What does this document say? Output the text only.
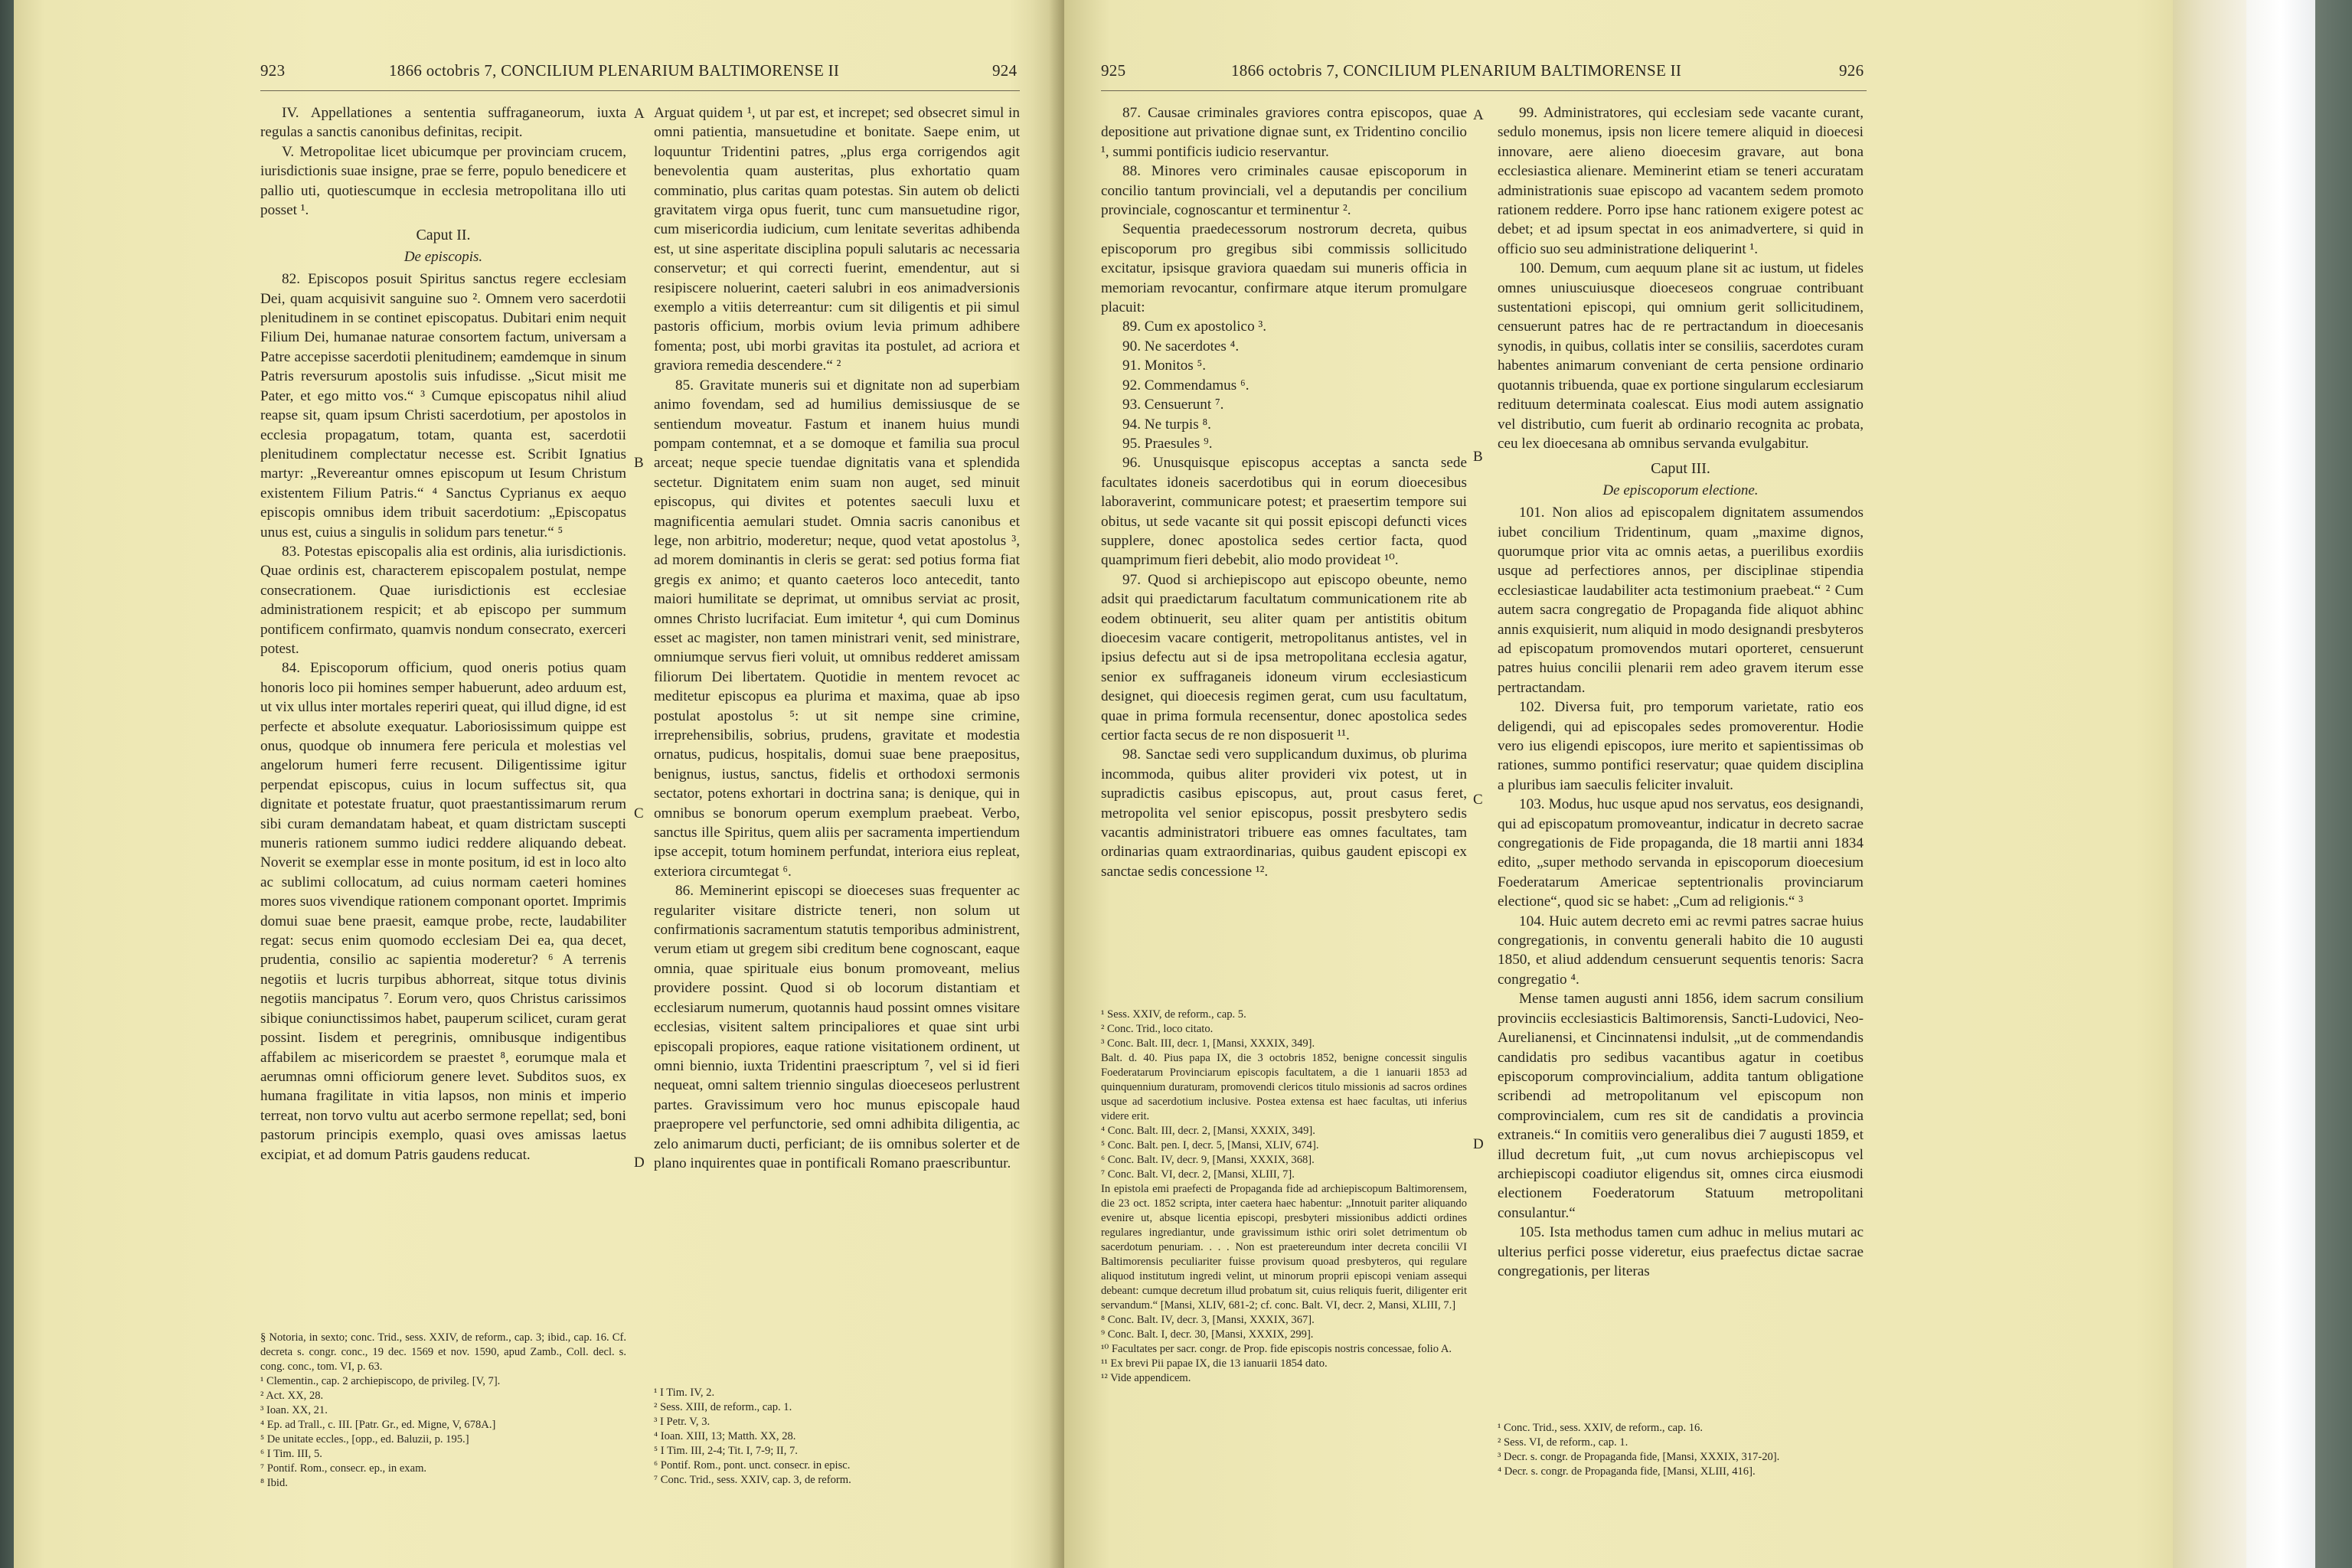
923	1866 octobris 7, CONCILIUM PLENARIUM BALTIMORENSE II	924

IV. Appellationes a sententia suffraganeorum, iuxta regulas a sanctis canonibus definitas, recipit.

V. Metropolitae licet ubicumque per provinciam crucem, iurisdictionis suae insigne, prae se ferre, populo benedicere et pallio uti, quotiescumque in ecclesia metropolitana illo uti posset ¹.

Caput II.
De episcopis.

82. Episcopos posuit Spiritus sanctus regere ecclesiam Dei, quam acquisivit sanguine suo ². Omnem vero sacerdotii plenitudinem in se continet episcopatus. Dubitari enim nequit Filium Dei, humanae naturae consortem factum, universam a Patre accepisse sacerdotii plenitudinem; eamdemque in sinum Patris reversurum apostolis suis infudisse. „Sicut misit me Pater, et ego mitto vos.“ ³ Cumque episcopatus nihil aliud reapse sit, quam ipsum Christi sacerdotium, per apostolos in ecclesia propagatum, totam, quanta est, sacerdotii plenitudinem complectatur necesse est. Scribit Ignatius martyr: „Revereantur omnes episcopum ut Iesum Christum existentem Filium Patris.“ ⁴ Sanctus Cyprianus ex aequo episcopis omnibus idem tribuit sacerdotium: „Episcopatus unus est, cuius a singulis in solidum pars tenetur.“ ⁵

83. Potestas episcopalis alia est ordinis, alia iurisdictionis. Quae ordinis est, characterem episcopalem postulat, nempe consecrationem. Quae iurisdictionis est ecclesiae administrationem respicit; et ab episcopo per summum pontificem confirmato, quamvis nondum consecrato, exerceri potest.

84. Episcoporum officium, quod oneris potius quam honoris loco pii homines semper habuerunt, adeo arduum est, ut vix ullus inter mortales reperiri queat, qui illud digne, id est perfecte et absolute exequatur. Laboriosissimum quippe est onus, quodque ob innumera fere pericula et molestias vel angelorum humeri ferre recusent. Diligentissime igitur perpendat episcopus, cuius in locum suffectus sit, qua dignitate et potestate fruatur, quot praestantissimarum rerum sibi curam demandatam habeat, et quam districtam suscepti muneris rationem summo iudici reddere aliquando debeat. Noverit se exemplar esse in monte positum, id est in loco alto ac sublimi collocatum, ad cuius normam caeteri homines mores suos vivendique rationem componant oportet. Imprimis domui suae bene praesit, eamque probe, recte, laudabiliter regat: secus enim quomodo ecclesiam Dei ea, qua decet, prudentia, consilio ac sapientia moderetur? ⁶ A terrenis negotiis et lucris turpibus abhorreat, sitque totus divinis negotiis mancipatus ⁷. Eorum vero, quos Christus carissimos sibique coniunctissimos habet, pauperum scilicet, curam gerat possint. Iisdem et peregrinis, omnibusque indigentibus affabilem ac misericordem se praestet ⁸, eorumque mala et aerumnas omni officiorum genere levet. Subditos suos, ex humana fragilitate in vitia lapsos, non minis et imperio terreat, non torvo vultu aut acerbo sermone repellat; sed, boni pastorum principis exemplo, quasi oves amissas laetus excipiat, et ad domum Patris gaudens reducat.

§ Notoria, in sexto; conc. Trid., sess. XXIV, de reform., cap. 3; ibid., cap. 16. Cf. decreta s. congr. conc., 19 dec. 1569 et nov. 1590, apud Zamb., Coll. decl. s. cong. conc., tom. VI, p. 63.

¹ Clementin., cap. 2 archiepiscopo, de privileg. [V, 7].

² Act. XX, 28.

³ Ioan. XX, 21.

⁴ Ep. ad Trall., c. III. [Patr. Gr., ed. Migne, V, 678A.]

⁵ De unitate eccles., [opp., ed. Baluzii, p. 195.]

⁶ I Tim. III, 5.

⁷ Pontif. Rom., consecr. ep., in exam.

⁸ Ibid.

A
B
C
D

Arguat quidem ¹, ut par est, et increpet; sed obsecret simul in omni patientia, mansuetudine et bonitate. Saepe enim, ut loquuntur Tridentini patres, „plus erga corrigendos agit benevolentia quam austeritas, plus exhortatio quam comminatio, plus caritas quam potestas. Sin autem ob delicti gravitatem virga opus fuerit, tunc cum mansuetudine rigor, cum misericordia iudicium, cum lenitate severitas adhibenda est, ut sine asperitate disciplina populi salutaris ac necessaria conservetur; et qui correcti fuerint, emendentur, aut si resipiscere noluerint, caeteri salubri in eos animadversionis exemplo a vitiis deterreantur: cum sit diligentis et pii simul pastoris officium, morbis ovium levia primum adhibere fomenta; post, ubi morbi gravitas ita postulet, ad acriora et graviora remedia descendere.“ ²

85. Gravitate muneris sui et dignitate non ad superbiam animo fovendam, sed ad humilius demissiusque de se sentiendum moveatur. Fastum et inanem huius mundi pompam contemnat, et a se domoque et familia sua procul arceat; neque specie tuendae dignitatis vana et splendida sectetur. Dignitatem enim suam non auget, sed minuit episcopus, qui divites et potentes saeculi luxu et magnificentia aemulari studet. Omnia sacris canonibus et lege, non arbitrio, moderetur; neque, quod vetat apostolus ³, ad morem dominantis in cleris se gerat: sed potius forma fiat gregis ex animo; et quanto caeteros loco antecedit, tanto maiori humilitate se deprimat, ut omnibus serviat ac prosit, omnes Christo lucrifaciat. Eum imitetur ⁴, qui cum Dominus esset ac magister, non tamen ministrari venit, sed ministrare, omniumque servus fieri voluit, ut omnibus redderet amissam filiorum Dei libertatem. Quotidie in mentem revocet ac meditetur episcopus ea plurima et maxima, quae ab ipso postulat apostolus ⁵: ut sit nempe sine crimine, irreprehensibilis, sobrius, prudens, gravitate et modestia ornatus, pudicus, hospitalis, domui suae bene praepositus, benignus, iustus, sanctus, fidelis et orthodoxi sermonis sectator, potens exhortari in doctrina sana; is denique, qui in omnibus se bonorum operum exemplum praebeat. Verbo, sanctus ille Spiritus, quem aliis per sacramenta impertiendum ipse accepit, totum hominem perfundat, interiora eius repleat, exteriora circumtegat ⁶.

86. Meminerint episcopi se dioeceses suas frequenter ac regulariter visitare districte teneri, non solum ut confirmationis sacramentum statutis temporibus administrent, verum etiam ut gregem sibi creditum bene cognoscant, eaque omnia, quae spirituale eius bonum promoveant, melius providere possint. Quod si ob locorum distantiam et ecclesiarum numerum, quotannis haud possint omnes visitare ecclesias, visitent saltem principaliores et quae sint urbi episcopali propiores, eaque ratione visitationem ordinent, ut omni biennio, iuxta Tridentini praescriptum ⁷, vel si id fieri nequeat, omni saltem triennio singulas dioeceseos perlustrent partes. Gravissimum vero hoc munus episcopale haud praepropere vel perfunctorie, sed omni adhibita diligentia, ac zelo animarum ducti, perficiant; de iis omnibus solerter et de plano inquirentes quae in pontificali Romano praescribuntur.

¹ I Tim. IV, 2.

² Sess. XIII, de reform., cap. 1.

³ I Petr. V, 3.

⁴ Ioan. XIII, 13; Matth. XX, 28.

⁵ I Tim. III, 2-4; Tit. I, 7-9; II, 7.

⁶ Pontif. Rom., pont. unct. consecr. in episc.

⁷ Conc. Trid., sess. XXIV, cap. 3, de reform.

925	1866 octobris 7, CONCILIUM PLENARIUM BALTIMORENSE II	926

87. Causae criminales graviores contra episcopos, quae depositione aut privatione dignae sunt, ex Tridentino concilio ¹, summi pontificis iudicio reservantur.

88. Minores vero criminales causae episcoporum in concilio tantum provinciali, vel a deputandis per concilium provinciale, cognoscantur et terminentur ².

Sequentia praedecessorum nostrorum decreta, quibus episcoporum pro gregibus sibi commissis sollicitudo excitatur, ipsisque graviora quaedam sui muneris officia in memoriam revocantur, confirmare atque iterum promulgare placuit:

89. Cum ex apostolico ³.

90. Ne sacerdotes ⁴.

91. Monitos ⁵.

92. Commendamus ⁶.

93. Censuerunt ⁷.

94. Ne turpis ⁸.

95. Praesules ⁹.

96. Unusquisque episcopus acceptas a sancta sede facultates idoneis sacerdotibus qui in eorum dioecesibus laboraverint, communicare potest; et praesertim tempore sui obitus, ut sede vacante sit qui possit episcopi defuncti vices supplere, donec apostolica sedes certior facta, quod quamprimum fieri debebit, alio modo provideat ¹⁰.

97. Quod si archiepiscopo aut episcopo obeunte, nemo adsit qui praedictarum facultatum communicationem rite ab eodem obtinuerit, seu aliter quam per antistitis obitum dioecesim vacare contigerit, metropolitanus antistes, vel in ipsius defectu aut si de ipsa metropolitana ecclesia agatur, senior ex suffraganeis idoneum virum ecclesiasticum designet, qui dioecesis regimen gerat, cum usu facultatum, quae in prima formula recensentur, donec apostolica sedes certior facta secus de re non disposuerit ¹¹.

98. Sanctae sedi vero supplicandum duximus, ob plurima incommoda, quibus aliter provideri vix potest, ut in supradictis casibus episcopus, aut, prout casus feret, metropolita vel senior episcopus, possit presbytero sedis vacantis administratori tribuere eas omnes facultates, tam ordinarias quam extraordinarias, quibus gaudent episcopi ex sanctae sedis concessione ¹².

¹ Sess. XXIV, de reform., cap. 5.

² Conc. Trid., loco citato.

³ Conc. Balt. III, decr. 1, [Mansi, XXXIX, 349].

Balt. d. 40. Pius papa IX, die 3 octobris 1852, benigne concessit singulis Foederatarum Provinciarum episcopis facultatem, a die 1 ianuarii 1853 ad quinquennium duraturam, promovendi clericos titulo missionis ad sacros ordines usque ad sacerdotium inclusive. Postea extensa est haec facultas, uti inferius videre erit.

⁴ Conc. Balt. III, decr. 2, [Mansi, XXXIX, 349].

⁵ Conc. Balt. pen. I, decr. 5, [Mansi, XLIV, 674].

⁶ Conc. Balt. IV, decr. 9, [Mansi, XXXIX, 368].

⁷ Conc. Balt. VI, decr. 2, [Mansi, XLIII, 7].

In epistola emi praefecti de Propaganda fide ad archiepiscopum Baltimorensem, die 23 oct. 1852 scripta, inter caetera haec habentur: „Innotuit pariter aliquando evenire ut, absque licentia episcopi, presbyteri missionibus addicti ordines regulares ingrediantur, unde gravissimum isthic oriri solet detrimentum ob sacerdotum penuriam. . . . Non est praetereundum inter decreta concilii VI Baltimorensis peculiariter fuisse provisum quoad presbyteros, qui regulare aliquod institutum ingredi velint, ut minorum proprii episcopi veniam assequi debeant: cumque decretum illud probatum sit, cuius reliquis fuerit, diligenter erit servandum.“ [Mansi, XLIV, 681-2; cf. conc. Balt. VI, decr. 2, Mansi, XLIII, 7.]

⁸ Conc. Balt. IV, decr. 3, [Mansi, XXXIX, 367].

⁹ Conc. Balt. I, decr. 30, [Mansi, XXXIX, 299].

¹⁰ Facultates per sacr. congr. de Prop. fide episcopis nostris concessae, folio A.

¹¹ Ex brevi Pii papae IX, die 13 ianuarii 1854 dato.

¹² Vide appendicem.

A
B
C
D

99. Administratores, qui ecclesiam sede vacante curant, sedulo monemus, ipsis non licere temere aliquid in dioecesi innovare, aere alieno dioecesim gravare, aut bona ecclesiastica alienare. Meminerint etiam se teneri accuratam administrationis suae episcopo ad vacantem sedem promoto rationem reddere. Porro ipse hanc rationem exigere potest ac debet; et ad ipsum spectat in eos animadvertere, si quid in officio suo seu administratione deliquerint ¹.

100. Demum, cum aequum plane sit ac iustum, ut fideles omnes uniuscuiusque dioeceseos congruae contribuant sustentationi episcopi, qui omnium gerit sollicitudinem, censuerunt patres hac de re pertractandum in dioecesanis synodis, in quibus, collatis inter se consiliis, sacerdotes curam habentes animarum conveniant de certa pensione ordinario quotannis tribuenda, quae ex portione singularum ecclesiarum redituum determinata coalescat. Eius modi autem assignatio vel distributio, cum fuerit ab ordinario recognita ac probata, ceu lex dioecesana ab omnibus servanda evulgabitur.

Caput III.
De episcoporum electione.

101. Non alios ad episcopalem dignitatem assumendos iubet concilium Tridentinum, quam „maxime dignos, quorumque prior vita ac omnis aetas, a puerilibus exordiis usque ad perfectiores annos, per disciplinae stipendia ecclesiasticae laudabiliter acta testimonium praebeat.“ ² Cum autem sacra congregatio de Propaganda fide aliquot abhinc annis exquisierit, num aliquid in modo designandi presbyteros ad episcopatum promovendos mutari oporteret, censuerunt patres huius concilii plenarii rem adeo gravem iterum esse pertractandam.

102. Diversa fuit, pro temporum varietate, ratio eos deligendi, qui ad episcopales sedes promoverentur. Hodie vero ius eligendi episcopos, iure merito et sapientissimas ob rationes, summo pontifici reservatur; quae quidem disciplina a pluribus iam saeculis feliciter invaluit.

103. Modus, huc usque apud nos servatus, eos designandi, qui ad episcopatum promoveantur, indicatur in decreto sacrae congregationis de Fide propaganda, die 18 martii anni 1834 edito, „super methodo servanda in episcoporum dioecesium Foederatarum Americae septentrionalis provinciarum electione“, quod sic se habet: „Cum ad religionis.“ ³

104. Huic autem decreto emi ac revmi patres sacrae huius congregationis, in conventu generali habito die 10 augusti 1850, et aliud addendum censuerunt sequentis tenoris: Sacra congregatio ⁴.

Mense tamen augusti anni 1856, idem sacrum consilium provinciis ecclesiasticis Baltimorensis, Sancti-Ludovici, Neo-Aurelianensi, et Cincinnatensi indulsit, „ut de commendandis candidatis pro sedibus vacantibus agatur in coetibus episcoporum comprovincialium, addita tantum obligatione scribendi ad metropolitanum vel episcopum non comprovincialem, cum res sit de candidatis a provincia extraneis.“ In comitiis vero generalibus diei 7 augusti 1859, et illud decretum fuit, „ut cum novus archiepiscopus vel archiepiscopi coadiutor eligendus sit, omnes circa eiusmodi electionem Foederatorum Statuum metropolitani consulantur.“

105. Ista methodus tamen cum adhuc in melius mutari ac ulterius perfici posse videretur, eius praefectus dictae sacrae congregationis, per literas

¹ Conc. Trid., sess. XXIV, de reform., cap. 16.

² Sess. VI, de reform., cap. 1.

³ Decr. s. congr. de Propaganda fide, [Mansi, XXXIX, 317-20].

⁴ Decr. s. congr. de Propaganda fide, [Mansi, XLIII, 416].
